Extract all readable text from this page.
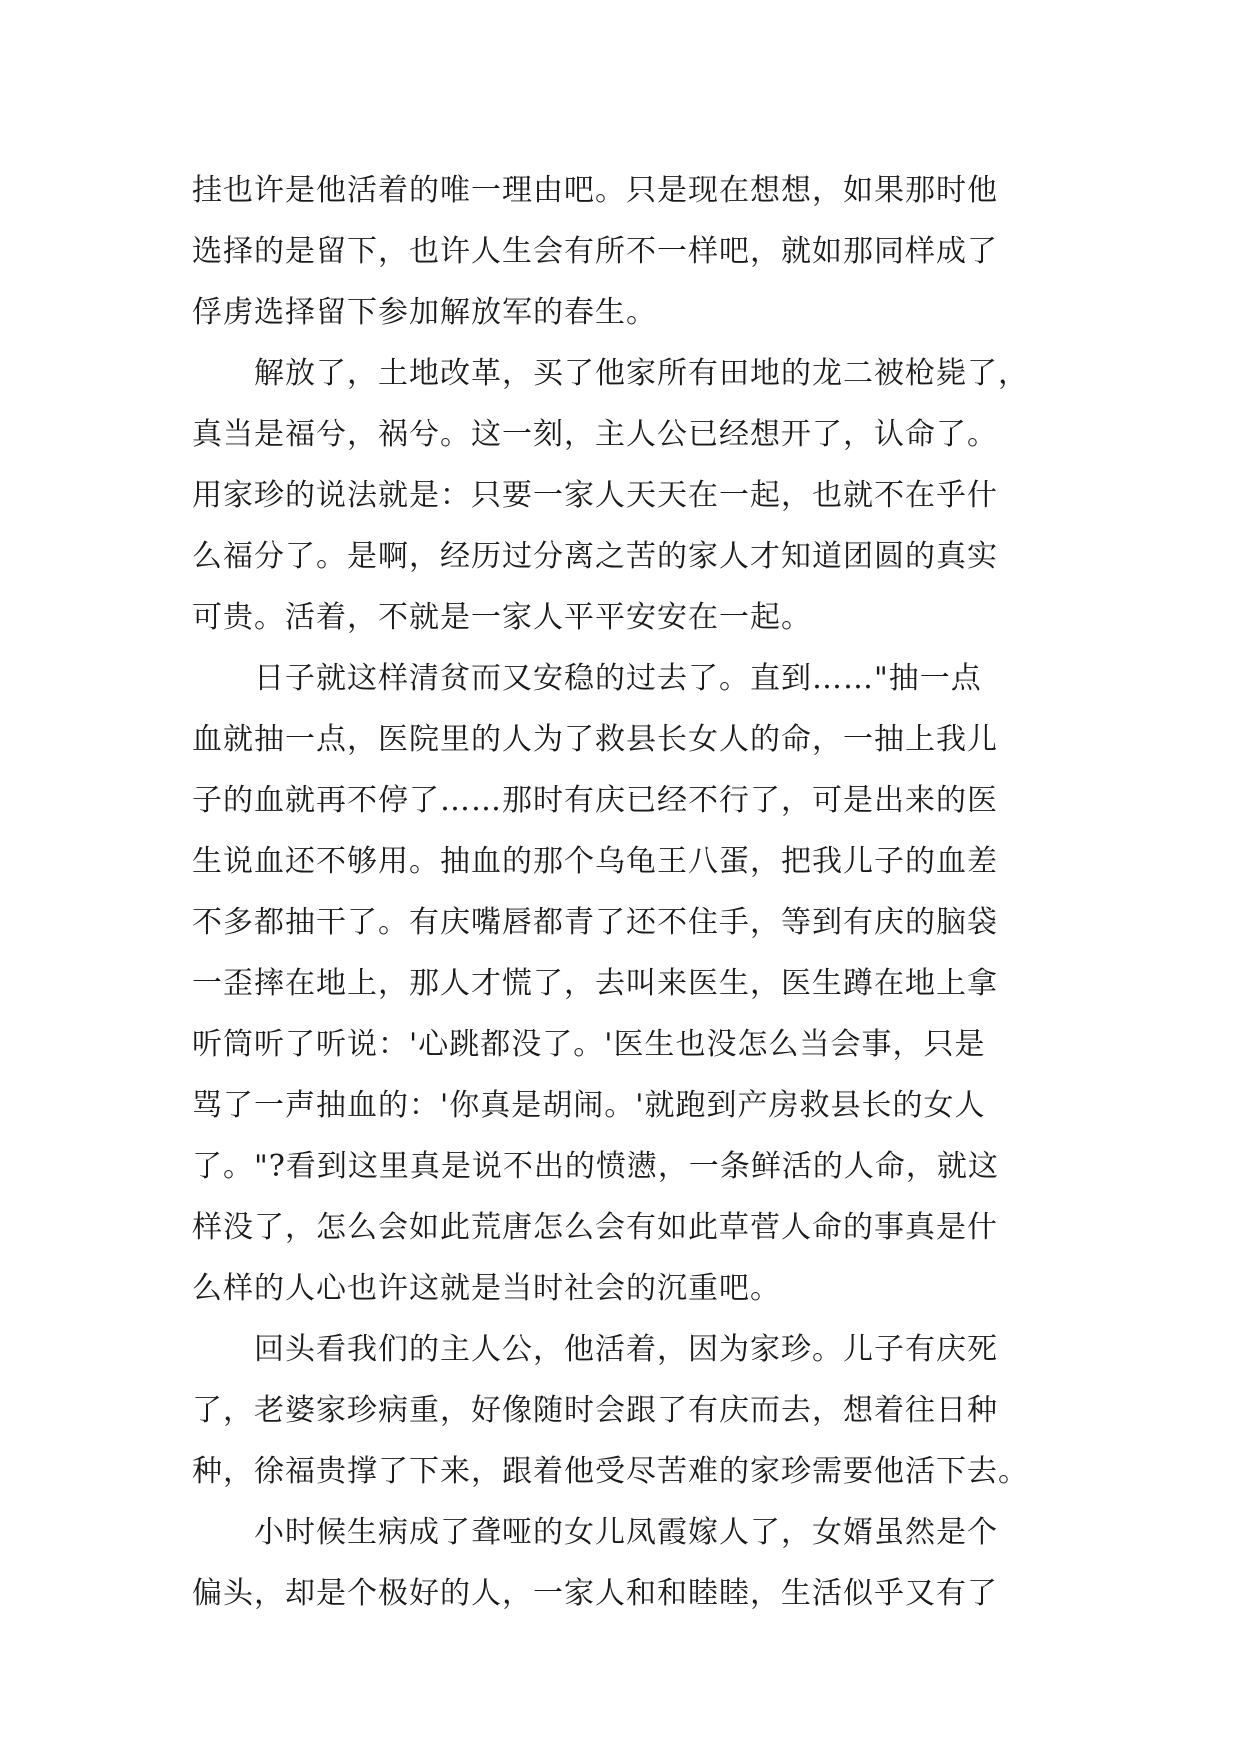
挂也许是他活着的唯一理由吧。只是现在想想，如果那时他
选择的是留下，也许人生会有所不一样吧，就如那同样成了
俘虏选择留下参加解放军的春生。
解放了，土地改革，买了他家所有田地的龙二被枪毙了，
真当是福兮，祸兮。这一刻，主人公已经想开了，认命了。
用家珍的说法就是：只要一家人天天在一起，也就不在乎什
么福分了。是啊，经历过分离之苦的家人才知道团圆的真实
可贵。活着，不就是一家人平平安安在一起。
日子就这样清贫而又安稳的过去了。直到……"抽一点
血就抽一点，医院里的人为了救县长女人的命，一抽上我儿
子的血就再不停了……那时有庆已经不行了，可是出来的医
生说血还不够用。抽血的那个乌龟王八蛋，把我儿子的血差
不多都抽干了。有庆嘴唇都青了还不住手，等到有庆的脑袋
一歪摔在地上，那人才慌了，去叫来医生，医生蹲在地上拿
听筒听了听说：'心跳都没了。'医生也没怎么当会事，只是
骂了一声抽血的：'你真是胡闹。'就跑到产房救县长的女人
了。"?看到这里真是说不出的愤懑，一条鲜活的人命，就这
样没了，怎么会如此荒唐怎么会有如此草菅人命的事真是什
么样的人心也许这就是当时社会的沉重吧。
回头看我们的主人公，他活着，因为家珍。儿子有庆死
了，老婆家珍病重，好像随时会跟了有庆而去，想着往日种
种，徐福贵撑了下来，跟着他受尽苦难的家珍需要他活下去。
小时候生病成了聋哑的女儿凤霞嫁人了，女婿虽然是个
偏头，却是个极好的人，一家人和和睦睦，生活似乎又有了
